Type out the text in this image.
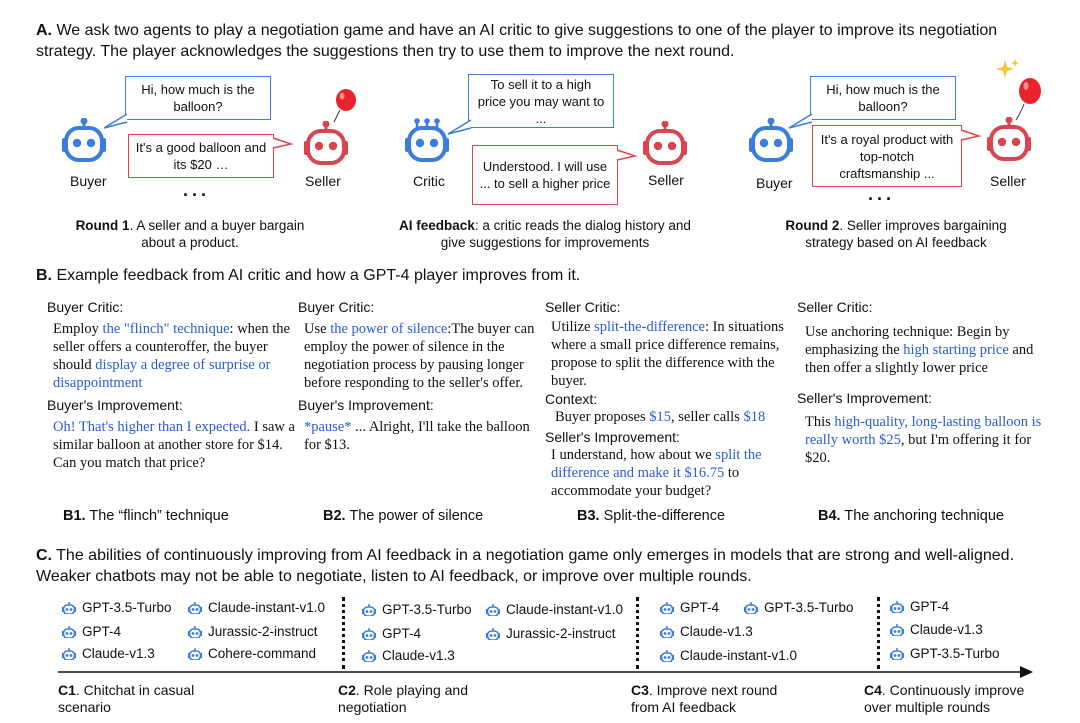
A. We ask two agents to play a negotiation game and have an AI critic to give suggestions to one of the player to improve its negotiation strategy. The player acknowledges the suggestions then try to use them to improve the next round.
Hi, how much is the balloon?
Buyer
It's a good balloon and its $20 …
Seller
···
Round 1. A seller and a buyer bargain about a product.
To sell it to a high price you may want to ...
Critic
Understood. I will use ... to sell a higher price	Seller
AI feedback: a critic reads the dialog history and give suggestions for improvements
Hi, how much is the balloon?
Buyer
It's a royal product with top-notch craftsmanship ...	Seller
···
Round 2. Seller improves bargaining strategy based on AI feedback
B. Example feedback from AI critic and how a GPT-4 player improves from it.
Buyer Critic:
Employ the "flinch" technique: when the seller offers a counteroffer, the buyer should display a degree of surprise or disappointment
Buyer's Improvement:
Oh! That's higher than I expected. I saw a similar balloon at another store for $14. Can you match that price?
B1. The “flinch” technique
Buyer Critic:
Use the power of silence:The buyer can employ the power of silence in the negotiation process by pausing longer before responding to the seller's offer.
Buyer's Improvement:
*pause* ... Alright, I'll take the balloon for $13.
B2. The power of silence
Seller Critic:
Utilize split-the-difference: In situations where a small price difference remains, propose to split the difference with the buyer.
Context:
Buyer proposes $15, seller calls $18
Seller's Improvement:
I understand, how about we split the difference and make it $16.75 to accommodate your budget?
B3. Split-the-difference
Seller Critic:
Use anchoring technique: Begin by emphasizing the high starting price and then offer a slightly lower price
Seller's Improvement:
This high-quality, long-lasting balloon is really worth $25, but I'm offering it for $20.
B4. The anchoring technique
C. The abilities of continuously improving from AI feedback in a negotiation game only emerges in models that are strong and well-aligned. Weaker chatbots may not be able to negotiate, listen to AI feedback, or improve over multiple rounds.
GPT-3.5-Turbo
GPT-4
Claude-v1.3
Claude-instant-v1.0
Jurassic-2-instruct
Cohere-command
GPT-3.5-Turbo
GPT-4
Claude-v1.3
Claude-instant-v1.0
Jurassic-2-instruct
GPT-4	GPT-3.5-Turbo
Claude-v1.3
Claude-instant-v1.0
GPT-4
Claude-v1.3
GPT-3.5-Turbo
C1. Chitchat in casual scenario
C2. Role playing and negotiation
C3. Improve next round from AI feedback
C4. Continuously improve over multiple rounds
